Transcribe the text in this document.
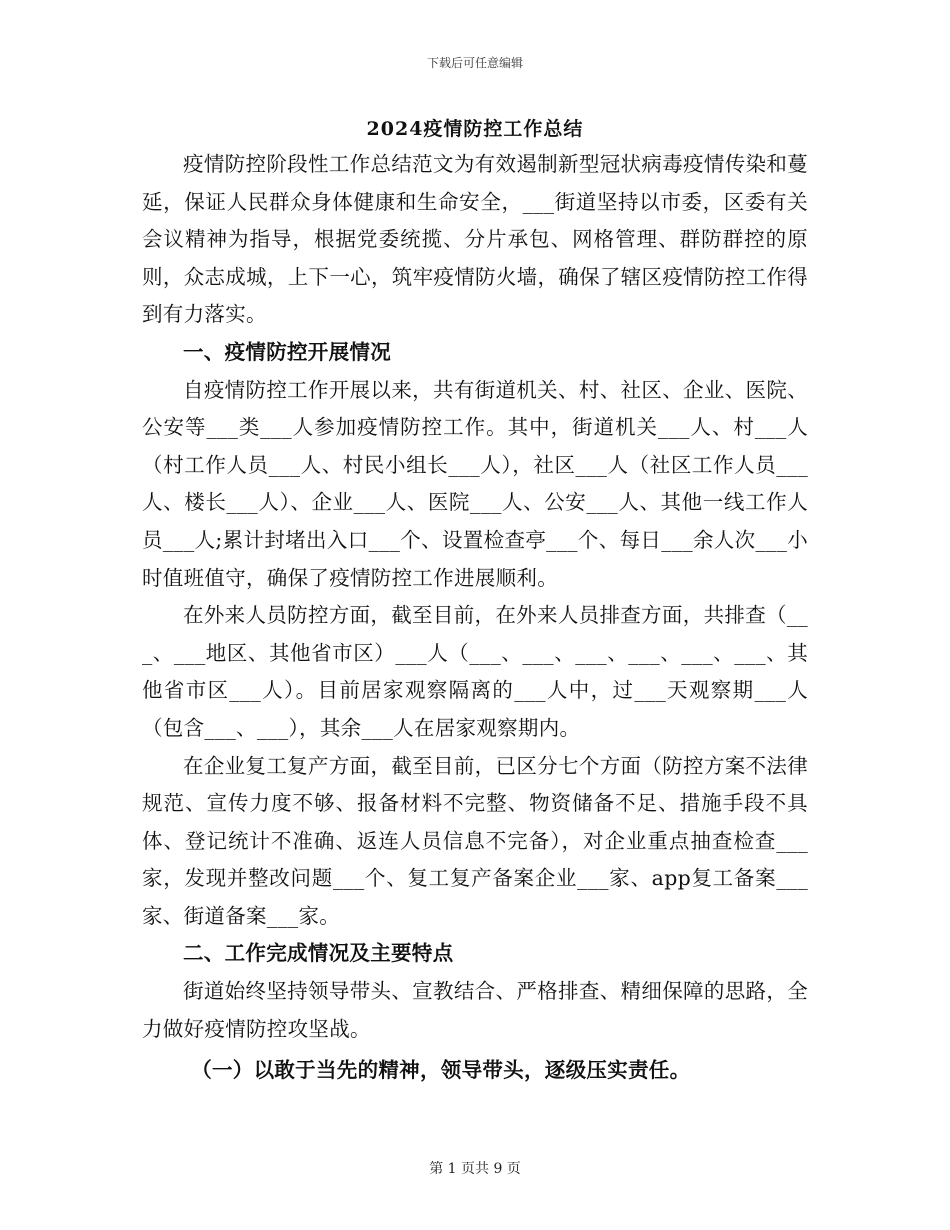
下载后可任意编辑
2024疫情防控工作总结

疫情防控阶段性工作总结范文为有效遏制新型冠状病毒疫情传染和蔓延，保证人民群众身体健康和生命安全，___街道坚持以市委，区委有关会议精神为指导，根据党委统揽、分片承包、网格管理、群防群控的原则，众志成城，上下一心，筑牢疫情防火墙，确保了辖区疫情防控工作得到有力落实。

一、疫情防控开展情况

自疫情防控工作开展以来，共有街道机关、村、社区、企业、医院、公安等___类___人参加疫情防控工作。其中，街道机关___人、村___人（村工作人员___人、村民小组长___人），社区___人（社区工作人员___人、楼长___人）、企业___人、医院___人、公安___人、其他一线工作人员___人;累计封堵出入口___个、设置检查亭___个、每日___余人次___小时值班值守，确保了疫情防控工作进展顺利。

在外来人员防控方面，截至目前，在外来人员排查方面，共排查（___、___地区、其他省市区）___人（___、___、___、___、___、___、其他省市区___人）。目前居家观察隔离的___人中，过___天观察期___人（包含___、___），其余___人在居家观察期内。

在企业复工复产方面，截至目前，已区分七个方面（防控方案不法律规范、宣传力度不够、报备材料不完整、物资储备不足、措施手段不具体、登记统计不准确、返连人员信息不完备），对企业重点抽查检查___家，发现并整改问题___个、复工复产备案企业___家、app复工备案___家、街道备案___家。

二、工作完成情况及主要特点

街道始终坚持领导带头、宣教结合、严格排查、精细保障的思路，全力做好疫情防控攻坚战。

（一）以敢于当先的精神，领导带头，逐级压实责任。

第 1 页共 9 页
